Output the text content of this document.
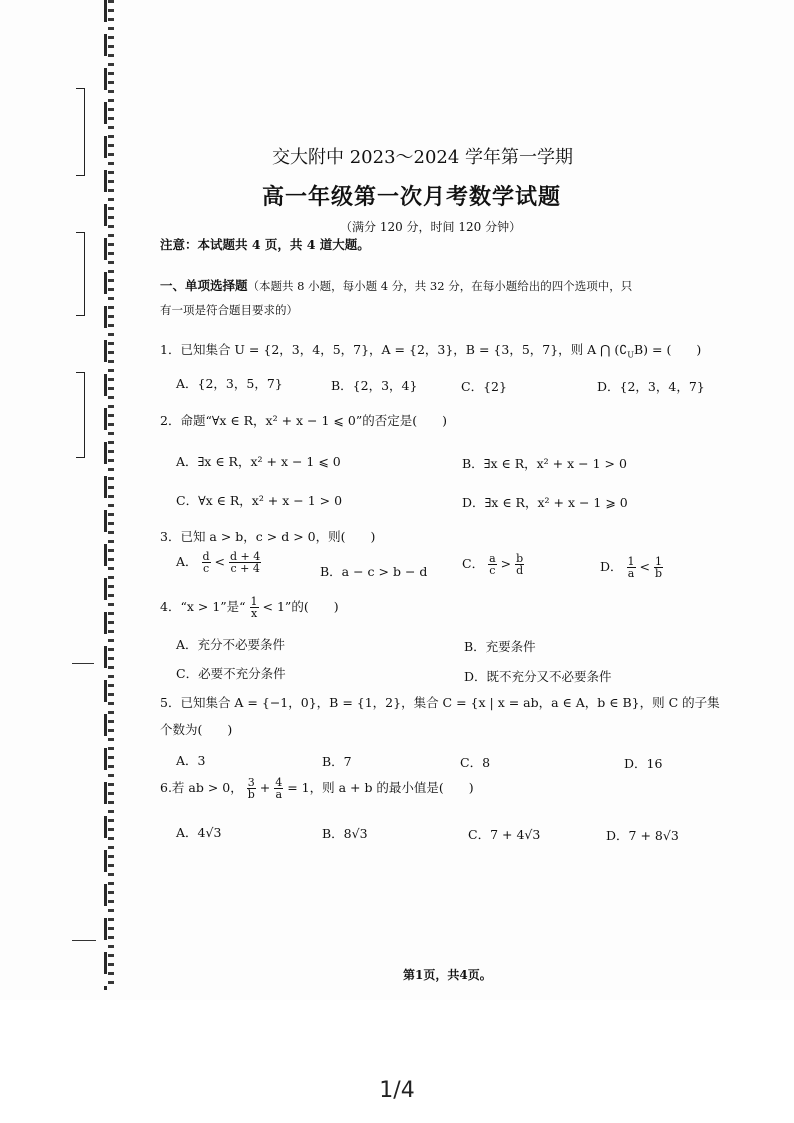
交大附中 2023～2024 学年第一学期
高一年级第一次月考数学试题
（满分 120 分，时间 120 分钟）
注意：本试题共 4 页，共 4 道大题。
一、单项选择题（本题共 8 小题，每小题 4 分，共 32 分，在每小题给出的四个选项中，只
有一项是符合题目要求的）
1．已知集合 U = {2，3，4，5，7}，A = {2，3}，B = {3，5，7}，则 A ⋂ $(∁_UB)$ = (　　)
A．{2，3，5，7}	B．{2，3，4}	C．{2}	D．{2，3，4，7}
2．命题“∀x ∈ R，x² + x − 1 ⩽ 0”的否定是(　　)
A．∃x ∈ R，x² + x − 1 ⩽ 0	B．∃x ∈ R，x² + x − 1 > 0
C．∀x ∈ R，x² + x − 1 > 0	D．∃x ∈ R，x² + x − 1 ⩾ 0
3．已知 a > b，c > d > 0，则(　　)
A． $\frac{d}{c} < \frac{d + 4}{c + 4}$	B．a − c > b − d
C． $\frac{a}{c} > \frac{b}{d}$	D． $\frac{1}{a} < \frac{1}{b}$
4．“x > 1”是“ $\frac{1}{x} < 1$”的(　　)
A．充分不必要条件	B．充要条件
C．必要不充分条件	D．既不充分又不必要条件
5．已知集合 A = {−1，0}，B = {1，2}，集合 C = {x | x = ab，a ∈ A，b ∈ B}，则 C 的子集
个数为(　　)
A．3	B．7	C．8	D．16
6.若 ab > 0， $\frac{3}{b} + \frac{4}{a} = 1$，则 a + b 的最小值是(　　)
A．4√3	B．8√3	C．7 + 4√3	D．7 + 8√3
第1页，共4页。
1/4
